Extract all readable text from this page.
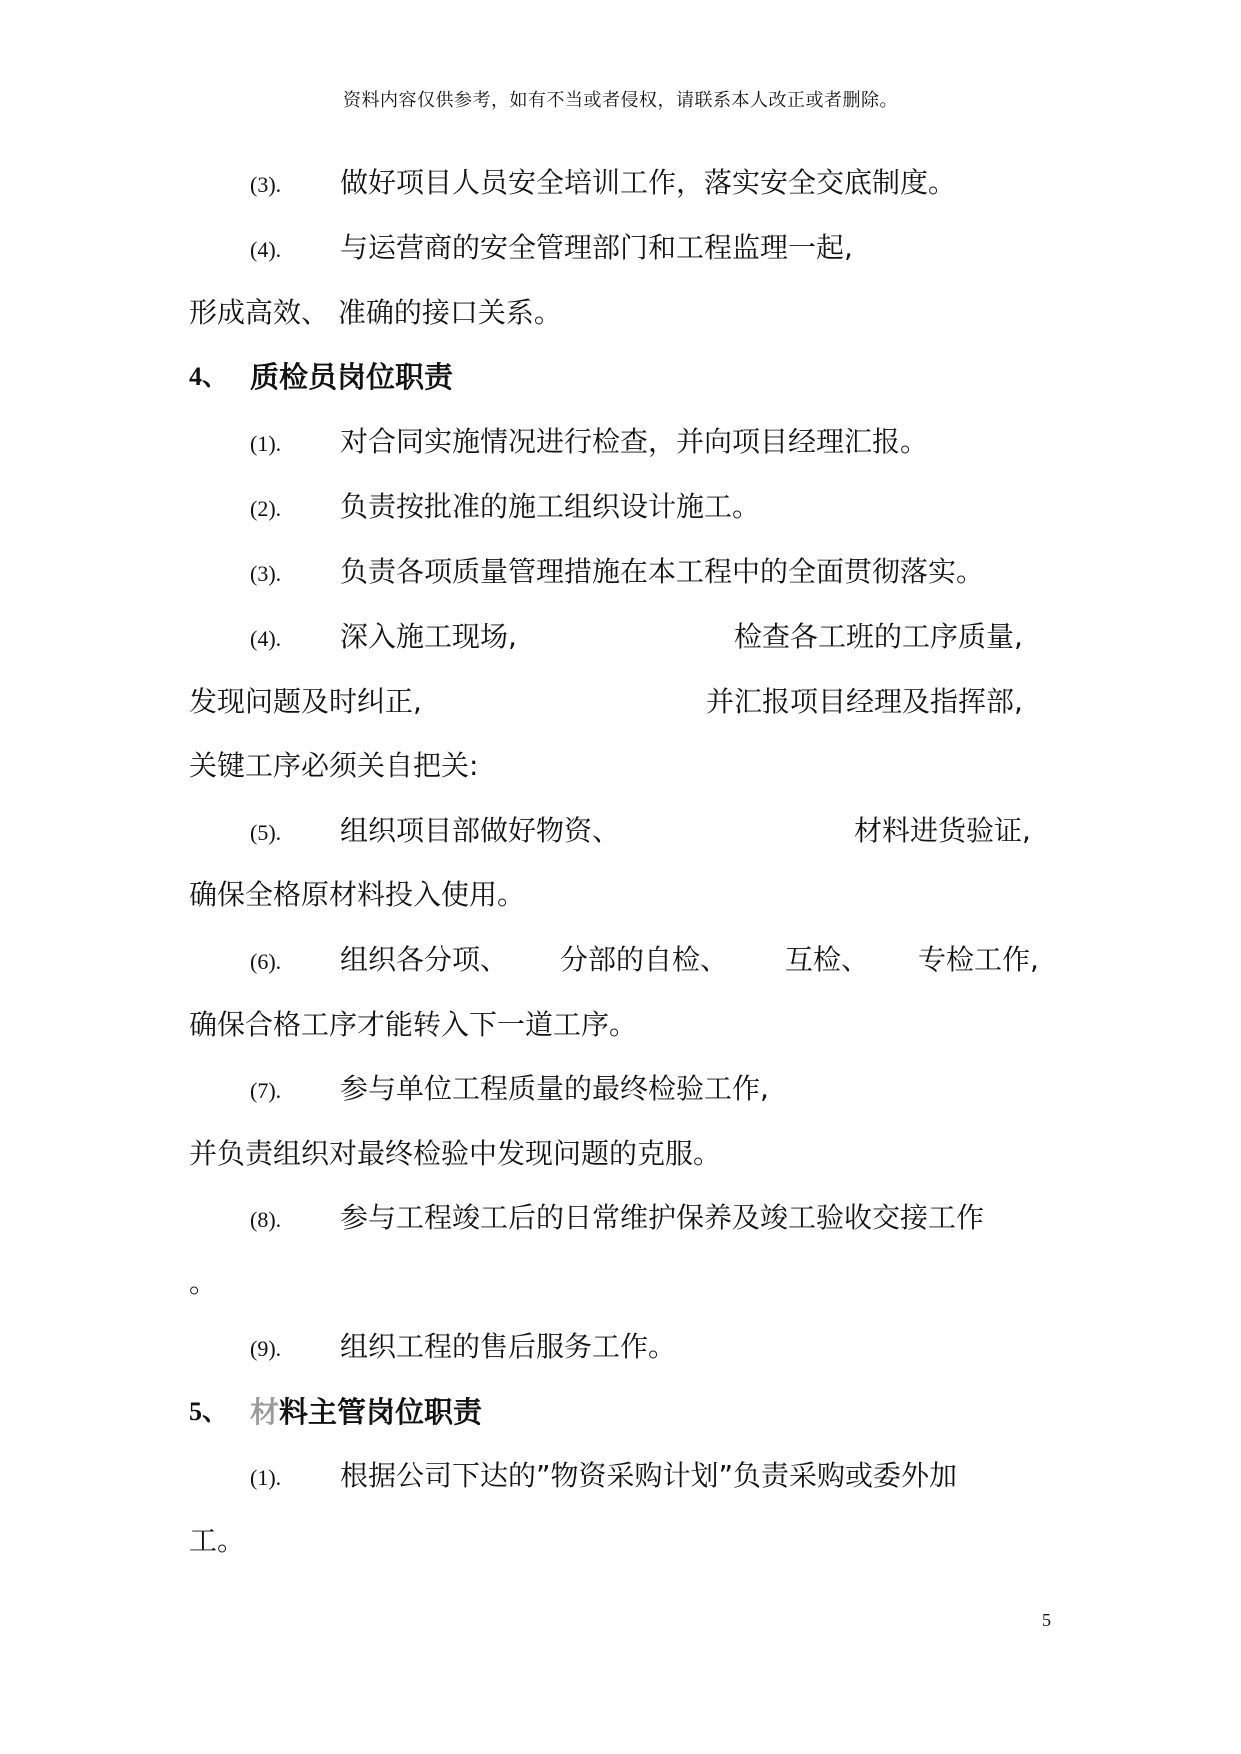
资料内容仅供参考，如有不当或者侵权，请联系本人改正或者删除。
(3). 做好项目人员安全培训工作，落实安全交底制度。
(4). 与运营商的安全管理部门和工程监理一起,
形成高效、 准确的接口关系。
4、 质检员岗位职责
(1). 对合同实施情况进行检查，并向项目经理汇报。
(2). 负责按批准的施工组织设计施工。
(3). 负责各项质量管理措施在本工程中的全面贯彻落实。
(4). 深入施工现场,	检查各工班的工序质量,
发现问题及时纠正,	并汇报项目经理及指挥部,
关键工序必须关自把关:
(5). 组织项目部做好物资、	材料进货验证,
确保全格原材料投入使用。
(6). 组织各分项、 分部的自检、 互检、 专检工作,
确保合格工序才能转入下一道工序。
(7). 参与单位工程质量的最终检验工作,
并负责组织对最终检验中发现问题的克服。
(8). 参与工程竣工后的日常维护保养及竣工验收交接工作
。
(9). 组织工程的售后服务工作。
5、 材料主管岗位职责
(1). 根据公司下达的”物资采购计划”负责采购或委外加
工。
5
